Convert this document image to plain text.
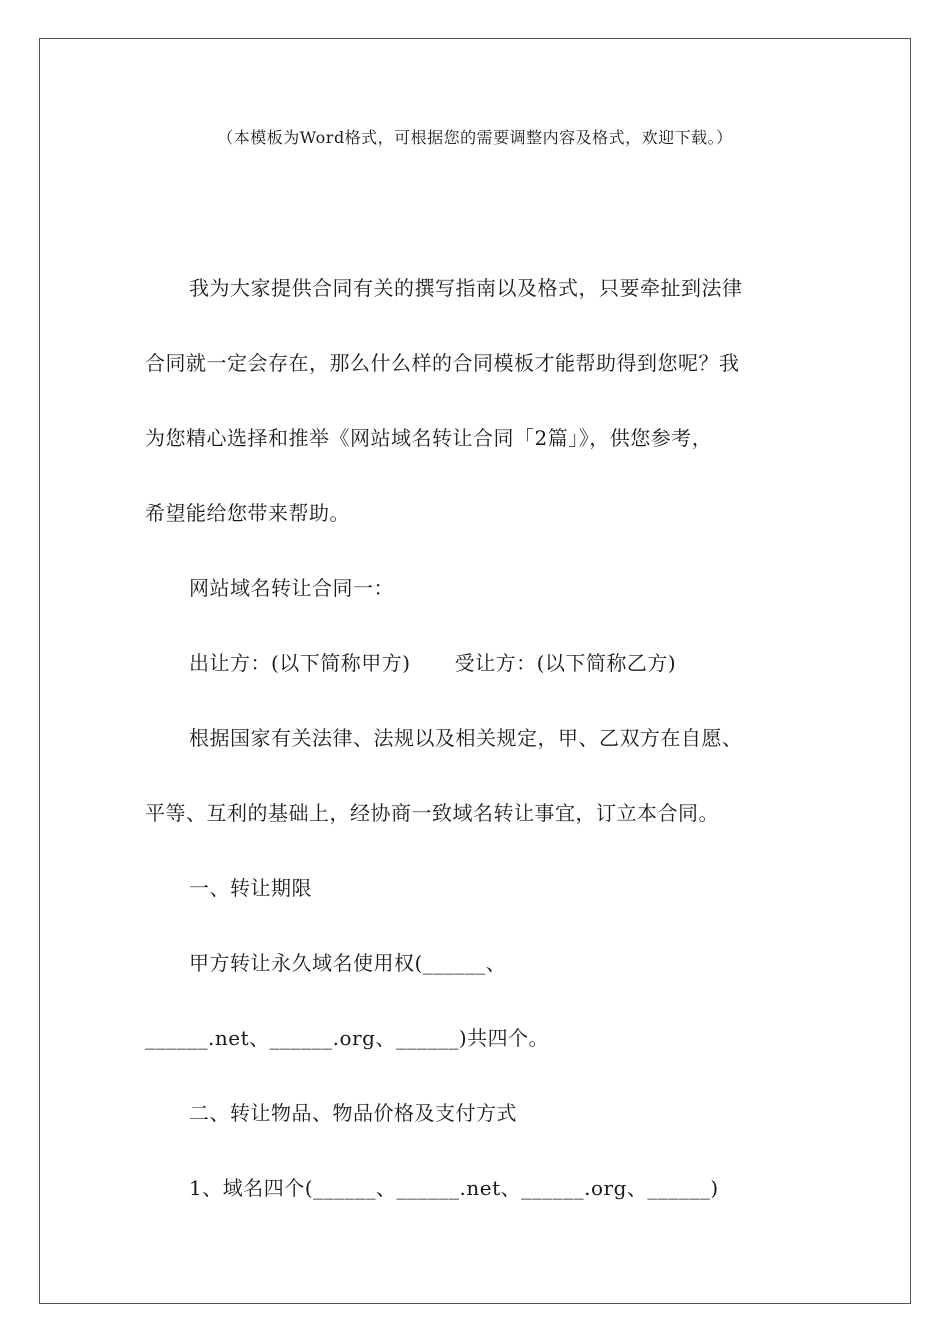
（本模板为Word格式，可根据您的需要调整内容及格式，欢迎下载。）
我为大家提供合同有关的撰写指南以及格式，只要牵扯到法律
合同就一定会存在，那么什么样的合同模板才能帮助得到您呢？我
为您精心选择和推举《网站域名转让合同「2篇」》，供您参考，
希望能给您带来帮助。
网站域名转让合同一：
出让方：(以下简称甲方) 受让方：(以下简称乙方)
根据国家有关法律、法规以及相关规定，甲、乙双方在自愿、
平等、互利的基础上，经协商一致域名转让事宜，订立本合同。
一、转让期限
甲方转让永久域名使用权(______、
______.net、______.org、______)共四个。
二、转让物品、物品价格及支付方式
1、域名四个(______、______.net、______.org、______)
